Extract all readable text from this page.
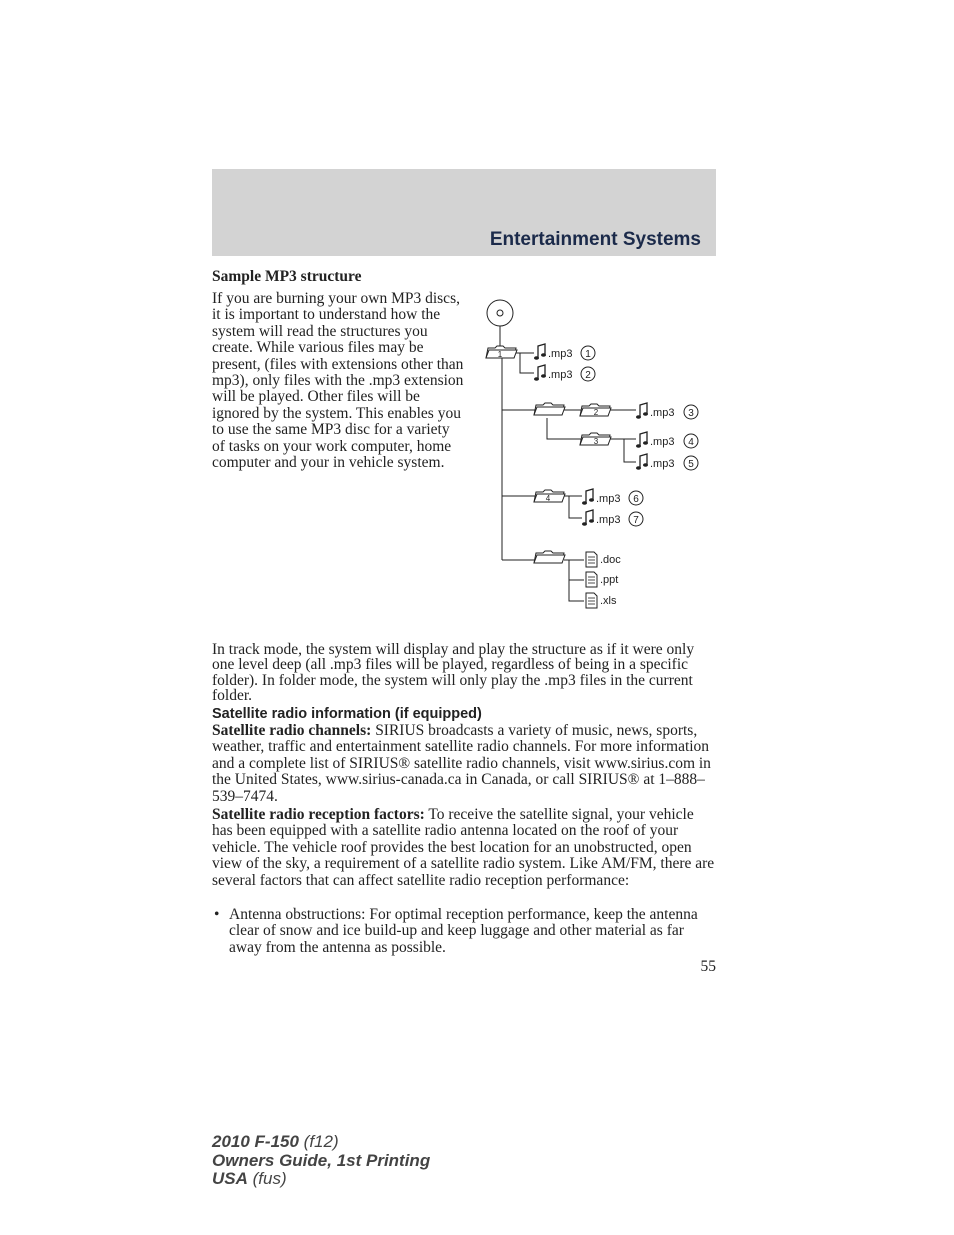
Entertainment Systems
Sample MP3 structure
If you are burning your own MP3 discs, it is important to understand how the system will read the structures you create. While various files may be present, (files with extensions other than mp3), only files with the .mp3 extension will be played. Other files will be ignored by the system. This enables you to use the same MP3 disc for a variety of tasks on your work computer, home computer and your in vehicle system.
1
2
3
4
.mp3 1
.mp3 2
.mp3 3
.mp3 4
.mp3 5
.mp3 6
.mp3 7
.doc
.ppt
.xls
In track mode, the system will display and play the structure as if it were only one level deep (all .mp3 files will be played, regardless of being in a specific folder). In folder mode, the system will only play the .mp3 files in the current folder.
Satellite radio information (if equipped)
Satellite radio channels: SIRIUS broadcasts a variety of music, news, sports, weather, traffic and entertainment satellite radio channels. For more information and a complete list of SIRIUS® satellite radio channels, visit www.sirius.com in the United States, www.sirius-canada.ca in Canada, or call SIRIUS® at 1–888–539–7474.
Satellite radio reception factors: To receive the satellite signal, your vehicle has been equipped with a satellite radio antenna located on the roof of your vehicle. The vehicle roof provides the best location for an unobstructed, open view of the sky, a requirement of a satellite radio system. Like AM/FM, there are several factors that can affect satellite radio reception performance:
• Antenna obstructions: For optimal reception performance, keep the antenna clear of snow and ice build-up and keep luggage and other material as far away from the antenna as possible.
55
2010 F-150 (f12)
Owners Guide, 1st Printing
USA (fus)
